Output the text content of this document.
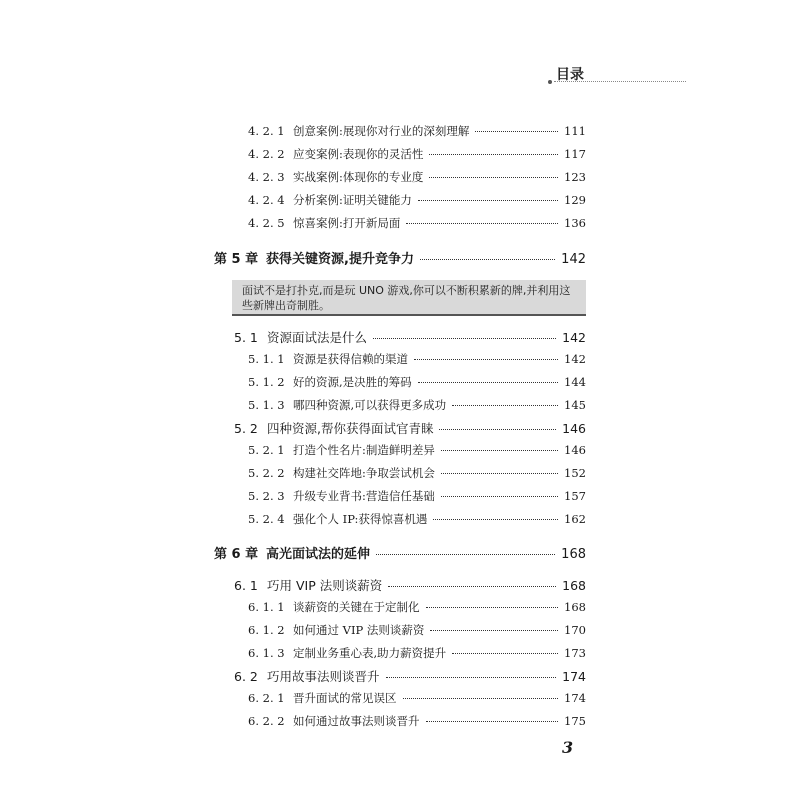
目录
4. 2. 1 创意案例:展现你对行业的深刻理解	111
4. 2. 2 应变案例:表现你的灵活性	117
4. 2. 3 实战案例:体现你的专业度	123
4. 2. 4 分析案例:证明关键能力	129
4. 2. 5 惊喜案例:打开新局面	136
第 5 章 获得关键资源,提升竞争力	142
面试不是打扑克,而是玩 UNO 游戏,你可以不断积累新的牌,并利用这些新牌出奇制胜。
5. 1 资源面试法是什么	142
5. 1. 1 资源是获得信赖的渠道	142
5. 1. 2 好的资源,是决胜的筹码	144
5. 1. 3 哪四种资源,可以获得更多成功	145
5. 2 四种资源,帮你获得面试官青睐	146
5. 2. 1 打造个性名片:制造鲜明差异	146
5. 2. 2 构建社交阵地:争取尝试机会	152
5. 2. 3 升级专业背书:营造信任基础	157
5. 2. 4 强化个人 IP:获得惊喜机遇	162
第 6 章 高光面试法的延伸	168
6. 1 巧用 VIP 法则谈薪资	168
6. 1. 1 谈薪资的关键在于定制化	168
6. 1. 2 如何通过 VIP 法则谈薪资	170
6. 1. 3 定制业务重心表,助力薪资提升	173
6. 2 巧用故事法则谈晋升	174
6. 2. 1 晋升面试的常见误区	174
6. 2. 2 如何通过故事法则谈晋升	175
3
